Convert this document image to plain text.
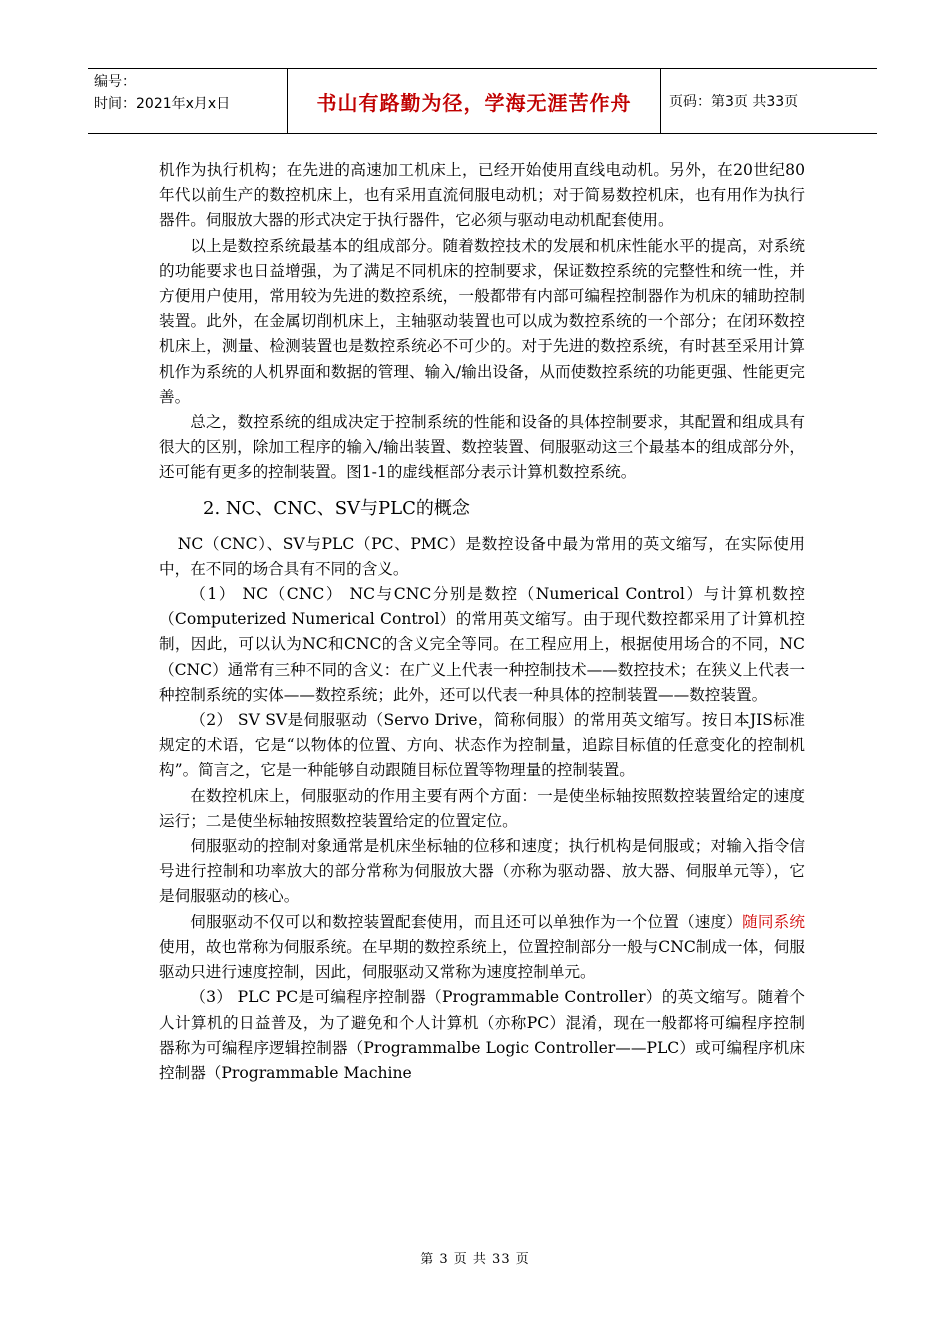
编号：
时间：2021年x月x日	书山有路勤为径，学海无涯苦作舟	页码：第3页 共33页

机作为执行机构；在先进的高速加工机床上，已经开始使用直线电动机。另外，在20世纪80年代以前生产的数控机床上，也有采用直流伺服电动机；对于简易数控机床，也有用作为执行器件。伺服放大器的形式决定于执行器件，它必须与驱动电动机配套使用。

以上是数控系统最基本的组成部分。随着数控技术的发展和机床性能水平的提高，对系统的功能要求也日益增强，为了满足不同机床的控制要求，保证数控系统的完整性和统一性，并方便用户使用，常用较为先进的数控系统，一般都带有内部可编程控制器作为机床的辅助控制装置。此外，在金属切削机床上，主轴驱动装置也可以成为数控系统的一个部分；在闭环数控机床上，测量、检测装置也是数控系统必不可少的。对于先进的数控系统，有时甚至采用计算机作为系统的人机界面和数据的管理、输入/输出设备，从而使数控系统的功能更强、性能更完善。

总之，数控系统的组成决定于控制系统的性能和设备的具体控制要求，其配置和组成具有很大的区别，除加工程序的输入/输出装置、数控装置、伺服驱动这三个最基本的组成部分外，还可能有更多的控制装置。图1-1的虚线框部分表示计算机数控系统。

2. NC、CNC、SV与PLC的概念

NC（CNC）、SV与PLC（PC、PMC）是数控设备中最为常用的英文缩写，在实际使用中，在不同的场合具有不同的含义。

（1） NC（CNC） NC与CNC分别是数控（Numerical Control）与计算机数控（Computerized Numerical Control）的常用英文缩写。由于现代数控都采用了计算机控制，因此，可以认为NC和CNC的含义完全等同。在工程应用上，根据使用场合的不同，NC（CNC）通常有三种不同的含义：在广义上代表一种控制技术——数控技术；在狭义上代表一种控制系统的实体——数控系统；此外，还可以代表一种具体的控制装置——数控装置。

（2） SV SV是伺服驱动（Servo Drive，简称伺服）的常用英文缩写。按日本JIS标准规定的术语，它是“以物体的位置、方向、状态作为控制量，追踪目标值的任意变化的控制机构”。简言之，它是一种能够自动跟随目标位置等物理量的控制装置。

在数控机床上，伺服驱动的作用主要有两个方面：一是使坐标轴按照数控装置给定的速度运行；二是使坐标轴按照数控装置给定的位置定位。

伺服驱动的控制对象通常是机床坐标轴的位移和速度；执行机构是伺服或；对输入指令信号进行控制和功率放大的部分常称为伺服放大器（亦称为驱动器、放大器、伺服单元等），它是伺服驱动的核心。

伺服驱动不仅可以和数控装置配套使用，而且还可以单独作为一个位置（速度）随同系统使用，故也常称为伺服系统。在早期的数控系统上，位置控制部分一般与CNC制成一体，伺服驱动只进行速度控制，因此，伺服驱动又常称为速度控制单元。

（3） PLC PC是可编程序控制器（Programmable Controller）的英文缩写。随着个人计算机的日益普及，为了避免和个人计算机（亦称PC）混淆，现在一般都将可编程序控制器称为可编程序逻辑控制器（Programmalbe Logic Controller——PLC）或可编程序机床控制器（Programmable Machine

第 3 页 共 33 页
